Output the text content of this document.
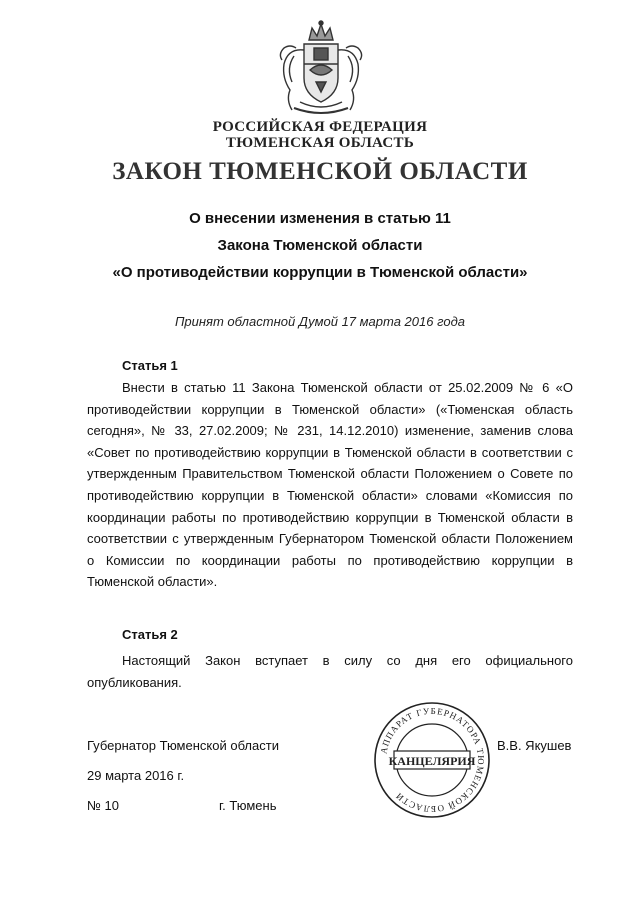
РОССИЙСКАЯ ФЕДЕРАЦИЯ
ТЮМЕНСКАЯ ОБЛАСТЬ
ЗАКОН ТЮМЕНСКОЙ ОБЛАСТИ
О внесении изменения в статью 11
Закона Тюменской области
«О противодействии коррупции в Тюменской области»
Принят областной Думой 17 марта 2016 года
Статья 1
Внести в статью 11 Закона Тюменской области от 25.02.2009 № 6 «О противодействии коррупции в Тюменской области» («Тюменская область сегодня», № 33, 27.02.2009; № 231, 14.12.2010) изменение, заменив слова «Совет по противодействию коррупции в Тюменской области в соответствии с утвержденным Правительством Тюменской области Положением о Совете по противодействию коррупции в Тюменской области» словами «Комиссия по координации работы по противодействию коррупции в Тюменской области в соответствии с утвержденным Губернатором Тюменской области Положением о Комиссии по координации работы по противодействию коррупции в Тюменской области».
Статья 2
Настоящий Закон вступает в силу со дня его официального опубликования.
Губернатор Тюменской области	В.В. Якушев
29 марта 2016 г.
№ 10	г. Тюмень
АППАРАТ ГУБЕРНАТОРА ТЮМЕНСКОЙ ОБЛАСТИ
КАНЦЕЛЯРИЯ
